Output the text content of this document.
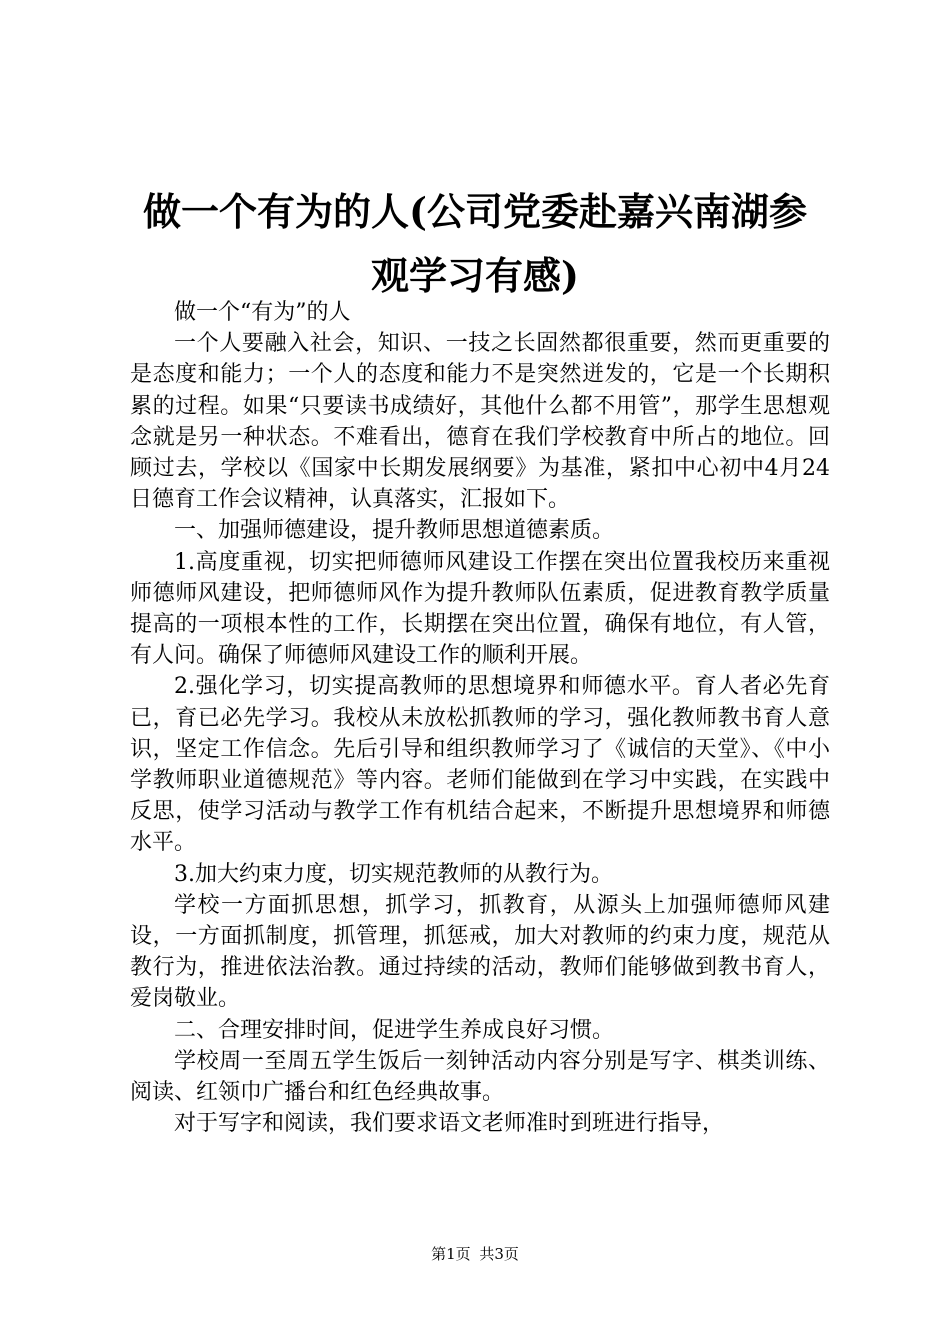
做一个有为的人(公司党委赴嘉兴南湖参观学习有感)

做一个“有为”的人

一个人要融入社会，知识、一技之长固然都很重要，然而更重要的是态度和能力；一个人的态度和能力不是突然迸发的，它是一个长期积累的过程。如果“只要读书成绩好，其他什么都不用管”，那学生思想观念就是另一种状态。不难看出，德育在我们学校教育中所占的地位。回顾过去，学校以《国家中长期发展纲要》为基准，紧扣中心初中4月24日德育工作会议精神，认真落实，汇报如下。

一、加强师德建设，提升教师思想道德素质。

1.高度重视，切实把师德师风建设工作摆在突出位置我校历来重视师德师风建设，把师德师风作为提升教师队伍素质，促进教育教学质量提高的一项根本性的工作，长期摆在突出位置，确保有地位，有人管，有人问。确保了师德师风建设工作的顺利开展。

2.强化学习，切实提高教师的思想境界和师德水平。育人者必先育已，育已必先学习。我校从未放松抓教师的学习，强化教师教书育人意识，坚定工作信念。先后引导和组织教师学习了《诚信的天堂》、《中小学教师职业道德规范》等内容。老师们能做到在学习中实践，在实践中反思，使学习活动与教学工作有机结合起来，不断提升思想境界和师德水平。

3.加大约束力度，切实规范教师的从教行为。

学校一方面抓思想，抓学习，抓教育，从源头上加强师德师风建设，一方面抓制度，抓管理，抓惩戒，加大对教师的约束力度，规范从教行为，推进依法治教。通过持续的活动，教师们能够做到教书育人，爱岗敬业。

二、合理安排时间，促进学生养成良好习惯。

学校周一至周五学生饭后一刻钟活动内容分别是写字、棋类训练、阅读、红领巾广播台和红色经典故事。

对于写字和阅读，我们要求语文老师准时到班进行指导，

第1页 共3页
